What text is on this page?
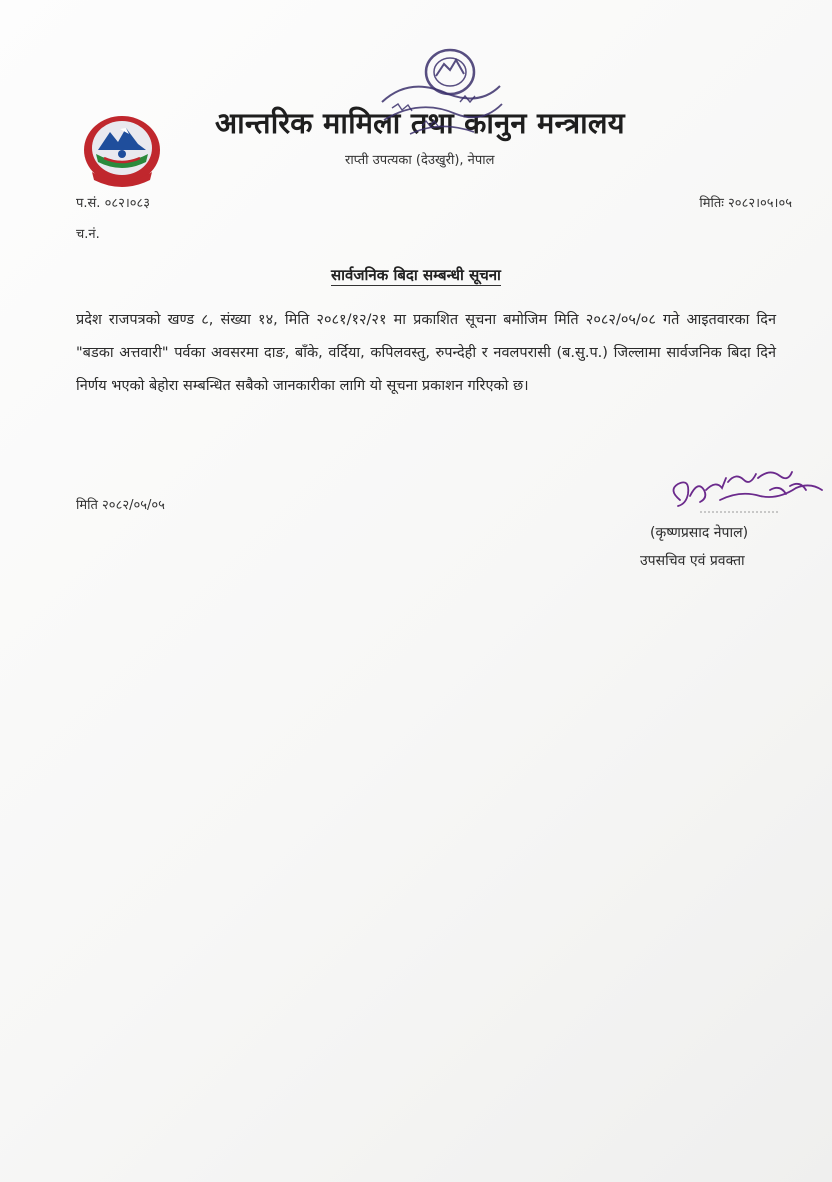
आन्तरिक मामिला तथा कानुन मन्त्रालय
राप्ती उपत्यका (देउखुरी), नेपाल
प.सं. ०८२।०८३
च.नं.
मितिः २०८२।०५।०५
सार्वजनिक बिदा सम्बन्धी सूचना
प्रदेश राजपत्रको खण्ड ८, संख्या १४, मिति २०८१/१२/२१ मा प्रकाशित सूचना बमोजिम मिति २०८२/०५/०८ गते आइतवारका दिन "बडका अत्तवारी" पर्वका अवसरमा दाङ, बाँके, वर्दिया, कपिलवस्तु, रुपन्देही र नवलपरासी (ब.सु.प.) जिल्लामा सार्वजनिक बिदा दिने निर्णय भएको बेहोरा सम्बन्धित सबैको जानकारीका लागि यो सूचना प्रकाशन गरिएको छ।
मिति २०८२/०५/०५
(कृष्णप्रसाद नेपाल)
उपसचिव एवं प्रवक्ता
